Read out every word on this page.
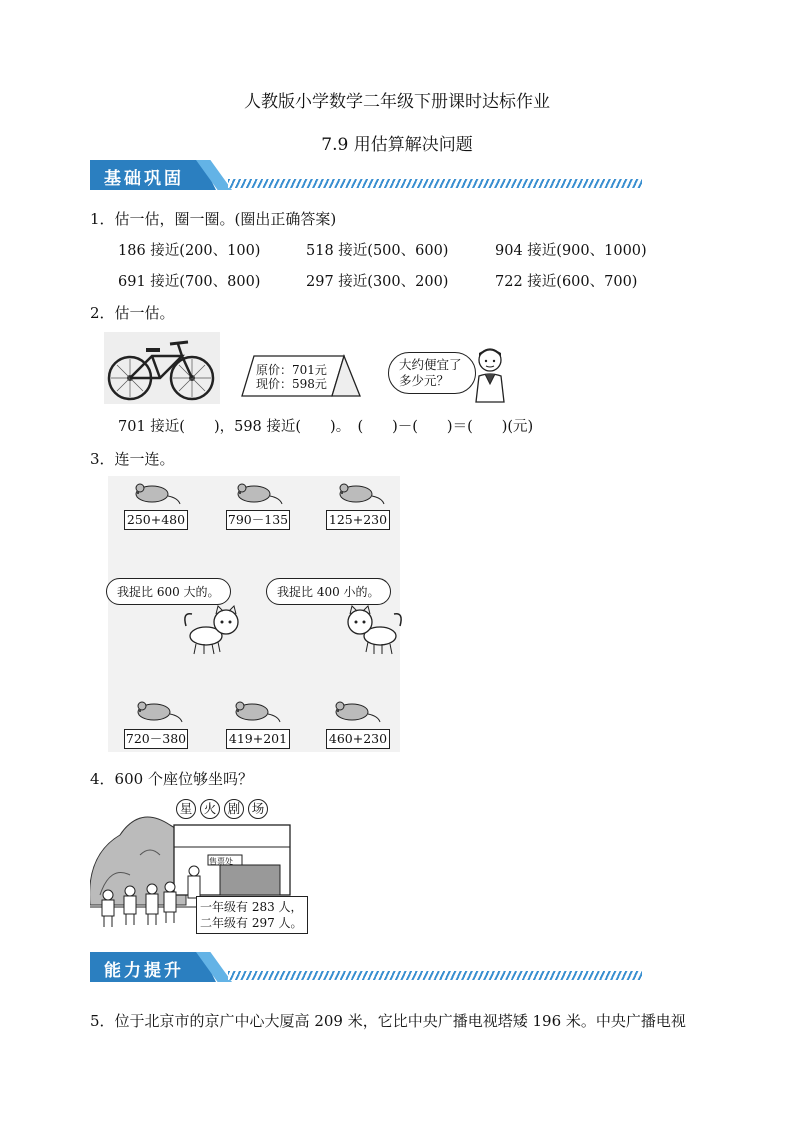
人教版小学数学二年级下册课时达标作业
7.9 用估算解决问题
基础巩固
1．估一估，圈一圈。(圈出正确答案)
186 接近(200、100)	518 接近(500、600)	904 接近(900、1000)
691 接近(700、800)	297 接近(300、200)	722 接近(600、700)
2．估一估。
原价：701元
现价：598元
大约便宜了多少元？
701 接近(　　)，598 接近(　　)。　(　　)－(　　)＝(　　)(元)
3．连一连。
250+480	790－135	125+230
我捉比 600 大的。	我捉比 400 小的。
720－380	419+201	460+230
4．600 个座位够坐吗？
星 火 剧 场
售票处
一年级有 283 人，
二年级有 297 人。
能力提升
5．位于北京市的京广中心大厦高 209 米，它比中央广播电视塔矮 196 米。中央广播电视
